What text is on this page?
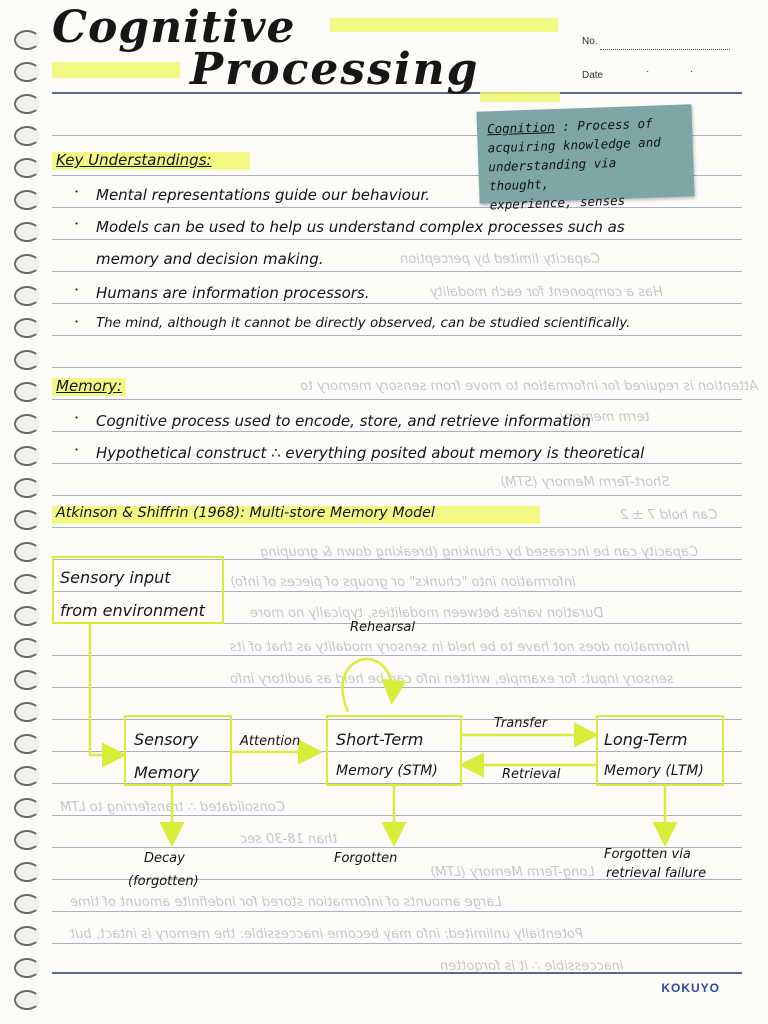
Capacity limited by perception
Has a component for each modality
Attention is required for information to move from sensory memory to
term memory
Short-Term Memory (STM)
Can hold 7 ± 2
Capacity can be increased by chunking (breaking down & grouping
information into "chunks" or groups of pieces of info)
Duration varies between modalities, typically no more
Information does not have to be held in sensory modality as that of its
sensory input: for example, written info can be held as auditory info
Consolidated ∴ transferring to LTM
than 18-30 sec
Long-Term Memory (LTM)
Large amounts of information stored for indefinite amount of time
Potentially unlimited; info may become inaccessible: the memory is intact, but
inaccessible ∴ it is forgotten
Cognitive
Processing
No.
Date	·	·
Cognition : Process of
acquiring knowledge and
understanding via thought,
experience, senses
Key Understandings:
· Mental representations guide our behaviour.
· Models can be used to help us understand complex processes such as
memory and decision making.
· Humans are information processors.
· The mind, although it cannot be directly observed, can be studied scientifically.
Memory:
· Cognitive process used to encode, store, and retrieve information
· Hypothetical construct ∴ everything posited about memory is theoretical
Atkinson & Shiffrin (1968): Multi-store Memory Model
Sensory input
from environment
Sensory
Memory
Short-Term
Memory (STM)
Long-Term
Memory (LTM)
Attention
Rehearsal
Transfer
Retrieval
Decay
(forgotten)
Forgotten	Forgotten via
retrieval failure
KOKUYO
